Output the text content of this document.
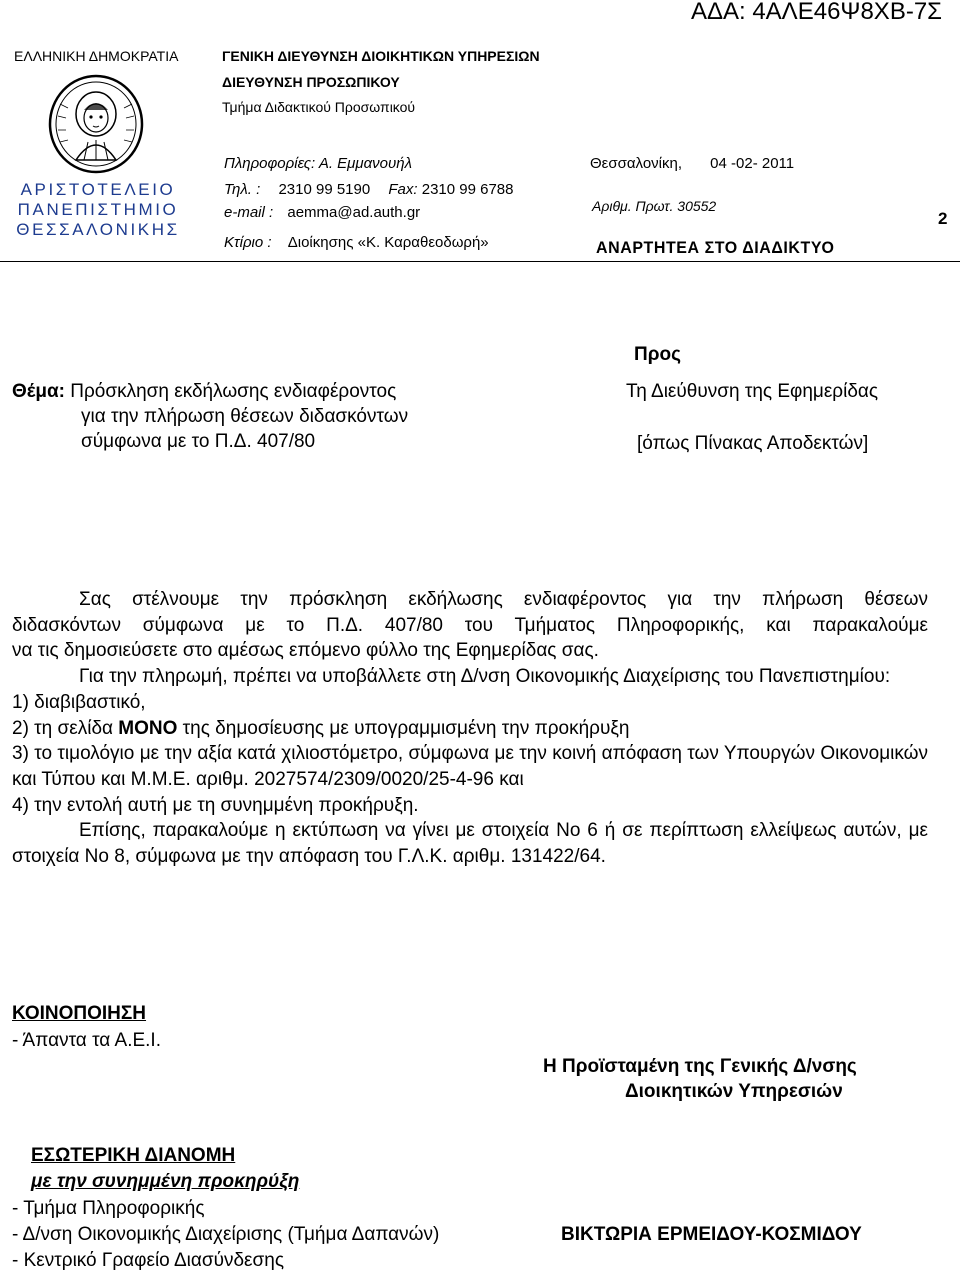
ΑΔΑ: 4ΑΛΕ46Ψ8ΧΒ-7Σ
ΕΛΛΗΝΙΚΗ ΔΗΜΟΚΡΑΤΙΑ
ΑΡΙΣΤΟΤΕΛΕΙΟ
ΠΑΝΕΠΙΣΤΗΜΙΟ
ΘΕΣΣΑΛΟΝΙΚΗΣ
ΓΕΝΙΚΗ ΔΙΕΥΘΥΝΣΗ ΔΙΟΙΚΗΤΙΚΩΝ ΥΠΗΡΕΣΙΩΝ
ΔΙΕΥΘΥΝΣΗ ΠΡΟΣΩΠΙΚΟΥ
Τμήμα Διδακτικού Προσωπικού
Πληροφορίες: Α. Εμμανουήλ
Τηλ. : 2310 99 5190 Fax: 2310 99 6788
e-mail : aemma@ad.auth.gr
Κτίριο : Διοίκησης «Κ. Καραθεοδωρή»
Θεσσαλονίκη, 04 -02- 2011
Αριθμ. Πρωτ. 30552
ΑΝΑΡΤΗΤΕΑ ΣΤΟ ΔΙΑΔΙΚΤΥΟ
2
Προς
Τη Διεύθυνση της Εφημερίδας
[όπως Πίνακας Αποδεκτών]
Θέμα: Πρόσκληση εκδήλωσης ενδιαφέροντος
για την πλήρωση θέσεων διδασκόντων
σύμφωνα με το Π.Δ. 407/80

Σας στέλνουμε την πρόσκληση εκδήλωσης ενδιαφέροντος για την πλήρωση θέσεων

διδασκόντων σύμφωνα με το Π.Δ. 407/80 του Τμήματος Πληροφορικής, και παρακαλούμε

να τις δημοσιεύσετε στο αμέσως επόμενο φύλλο της Εφημερίδας σας.

Για την πληρωμή, πρέπει να υποβάλλετε στη Δ/νση Οικονομικής Διαχείρισης του Πανεπιστημίου:

1) διαβιβαστικό,

2) τη σελίδα ΜΟΝΟ της δημοσίευσης με υπογραμμισμένη την προκήρυξη

3) το τιμολόγιο με την αξία κατά χιλιοστόμετρο, σύμφωνα με την κοινή απόφαση των Υπουργών Οικονομικών και Τύπου και Μ.Μ.Ε. αριθμ. 2027574/2309/0020/25-4-96 και

4) την εντολή αυτή με τη συνημμένη προκήρυξη.

Επίσης, παρακαλούμε η εκτύπωση να γίνει με στοιχεία Νο 6 ή σε περίπτωση ελλείψεως αυτών, με στοιχεία Νο 8, σύμφωνα με την απόφαση του Γ.Λ.Κ. αριθμ. 131422/64.

ΚΟΙΝΟΠΟΙΗΣΗ
- Άπαντα τα Α.Ε.Ι.
Η Προϊσταμένη της Γενικής Δ/νσης
Διοικητικών Υπηρεσιών
ΒΙΚΤΩΡΙΑ ΕΡΜΕΙΔΟΥ-ΚΟΣΜΙΔΟΥ
ΕΣΩΤΕΡΙΚΗ ΔΙΑΝΟΜΗ
με την συνημμένη προκηρύξη
- Τμήμα Πληροφορικής
- Δ/νση Οικονομικής Διαχείρισης (Τμήμα Δαπανών)
- Κεντρικό Γραφείο Διασύνδεσης
